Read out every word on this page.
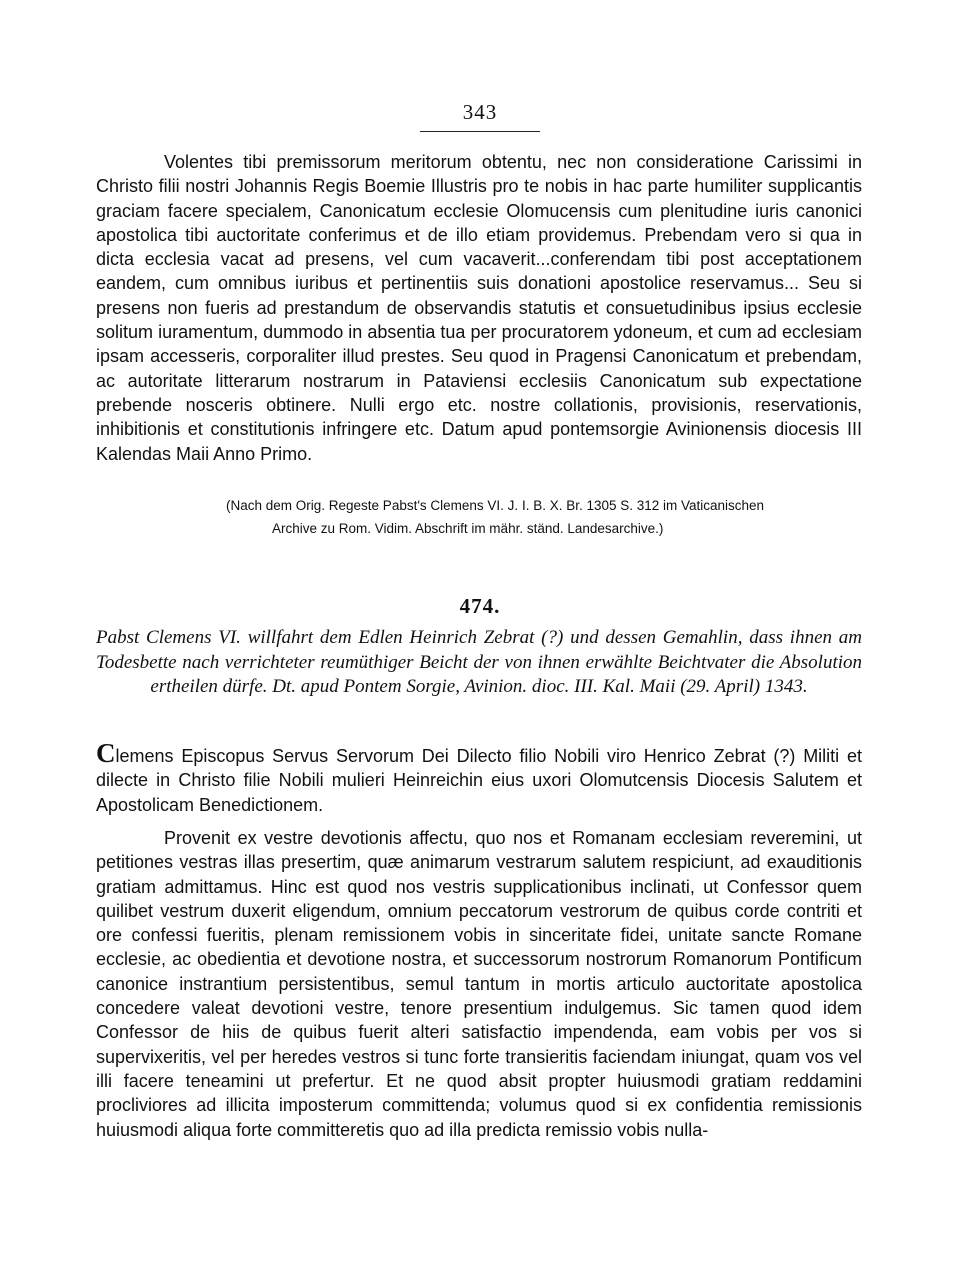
343

Volentes tibi premissorum meritorum obtentu, nec non consideratione Carissimi in Christo filii nostri Johannis Regis Boemie Illustris pro te nobis in hac parte humiliter supplicantis graciam facere specialem, Canonicatum ecclesie Olomucensis cum plenitudine iuris canonici apostolica tibi auctoritate conferimus et de illo etiam providemus. Prebendam vero si qua in dicta ecclesia vacat ad presens, vel cum vacaverit...conferendam tibi post acceptationem eandem, cum omnibus iuribus et pertinentiis suis donationi apostolice reservamus... Seu si presens non fueris ad prestandum de observandis statutis et consuetudinibus ipsius ecclesie solitum iuramentum, dummodo in absentia tua per procuratorem ydoneum, et cum ad ecclesiam ipsam accesseris, corporaliter illud prestes. Seu quod in Pragensi Canonicatum et prebendam, ac autoritate litterarum nostrarum in Pataviensi ecclesiis Canonicatum sub expectatione prebende nosceris obtinere. Nulli ergo etc. nostre collationis, provisionis, reservationis, inhibitionis et constitutionis infringere etc. Datum apud pontemsorgie Avinionensis diocesis III Kalendas Maii Anno Primo.

(Nach dem Orig. Regeste Pabst's Clemens VI. J. I. B. X. Br. 1305 S. 312 im Vaticanischen
Archive zu Rom. Vidim. Abschrift im mähr. ständ. Landesarchive.)

474.

Pabst Clemens VI. willfahrt dem Edlen Heinrich Zebrat (?) und dessen Gemahlin, dass ihnen am Todesbette nach verrichteter reumüthiger Beicht der von ihnen erwählte Beichtvater die Absolution ertheilen dürfe. Dt. apud Pontem Sorgie, Avinion. dioc. III. Kal. Maii (29. April) 1343.

Clemens Episcopus Servus Servorum Dei Dilecto filio Nobili viro Henrico Zebrat (?) Militi et dilecte in Christo filie Nobili mulieri Heinreichin eius uxori Olomutcensis Diocesis Salutem et Apostolicam Benedictionem.

Provenit ex vestre devotionis affectu, quo nos et Romanam ecclesiam reveremini, ut petitiones vestras illas presertim, quæ animarum vestrarum salutem respiciunt, ad exauditionis gratiam admittamus. Hinc est quod nos vestris supplicationibus inclinati, ut Confessor quem quilibet vestrum duxerit eligendum, omnium peccatorum vestrorum de quibus corde contriti et ore confessi fueritis, plenam remissionem vobis in sinceritate fidei, unitate sancte Romane ecclesie, ac obedientia et devotione nostra, et successorum nostrorum Romanorum Pontificum canonice instrantium persistentibus, semul tantum in mortis articulo auctoritate apostolica concedere valeat devotioni vestre, tenore presentium indulgemus. Sic tamen quod idem Confessor de hiis de quibus fuerit alteri satisfactio impendenda, eam vobis per vos si supervixeritis, vel per heredes vestros si tunc forte transieritis faciendam iniungat, quam vos vel illi facere teneamini ut prefertur. Et ne quod absit propter huiusmodi gratiam reddamini procliviores ad illicita imposterum committenda; volumus quod si ex confidentia remissionis huiusmodi aliqua forte committeretis quo ad illa predicta remissio vobis nulla-
